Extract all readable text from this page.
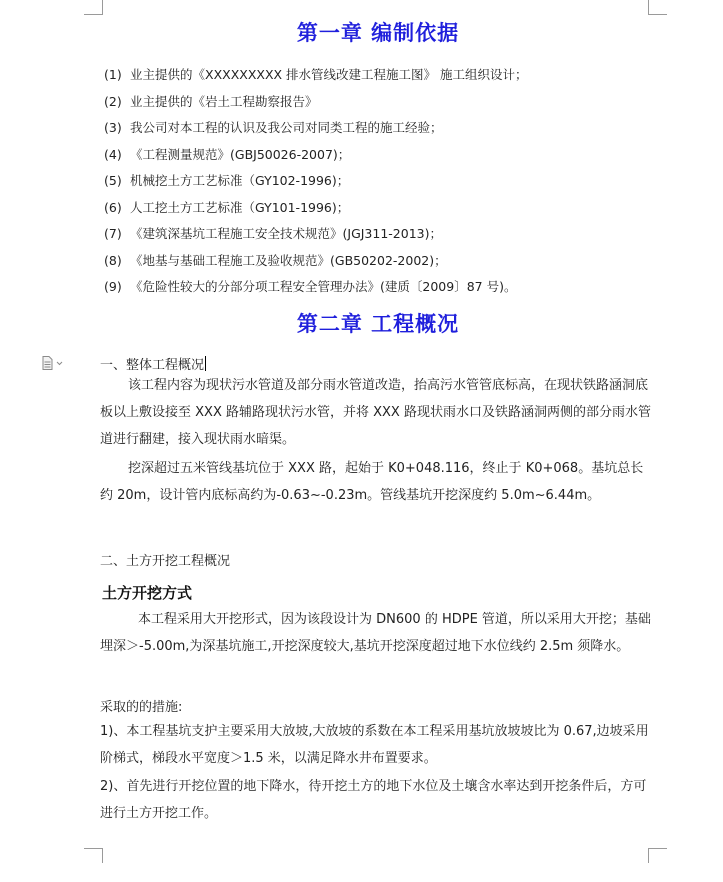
第一章 编制依据
(1) 业主提供的《XXXXXXXXX 排水管线改建工程施工图》 施工组织设计；
(2) 业主提供的《岩土工程勘察报告》
(3) 我公司对本工程的认识及我公司对同类工程的施工经验；
(4) 《工程测量规范》(GBJ50026-2007)；
(5) 机械挖土方工艺标准（GY102-1996)；
(6) 人工挖土方工艺标准（GY101-1996)；
(7) 《建筑深基坑工程施工安全技术规范》(JGJ311-2013)；
(8) 《地基与基础工程施工及验收规范》(GB50202-2002)；
(9) 《危险性较大的分部分项工程安全管理办法》(建质〔2009〕87 号)。
第二章 工程概况
一、整体工程概况

该工程内容为现状污水管道及部分雨水管道改造，抬高污水管管底标高，在现状铁路涵洞底板以上敷设接至 XXX 路辅路现状污水管，并将 XXX 路现状雨水口及铁路涵洞两侧的部分雨水管道进行翻建，接入现状雨水暗渠。

挖深超过五米管线基坑位于 XXX 路，起始于 K0+048.116，终止于 K0+068。基坑总长约 20m，设计管内底标高约为-0.63~-0.23m。管线基坑开挖深度约 5.0m~6.44m。

二、土方开挖工程概况
土方开挖方式

本工程采用大开挖形式，因为该段设计为 DN600 的 HDPE 管道，所以采用大开挖；基础埋深＞-5.00m,为深基坑施工,开挖深度较大,基坑开挖深度超过地下水位线约 2.5m 须降水。

采取的的措施:

1)、本工程基坑支护主要采用大放坡,大放坡的系数在本工程采用基坑放坡坡比为 0.67,边坡采用阶梯式，梯段水平宽度＞1.5 米，以满足降水井布置要求。

2)、首先进行开挖位置的地下降水，待开挖土方的地下水位及土壤含水率达到开挖条件后，方可进行土方开挖工作。
